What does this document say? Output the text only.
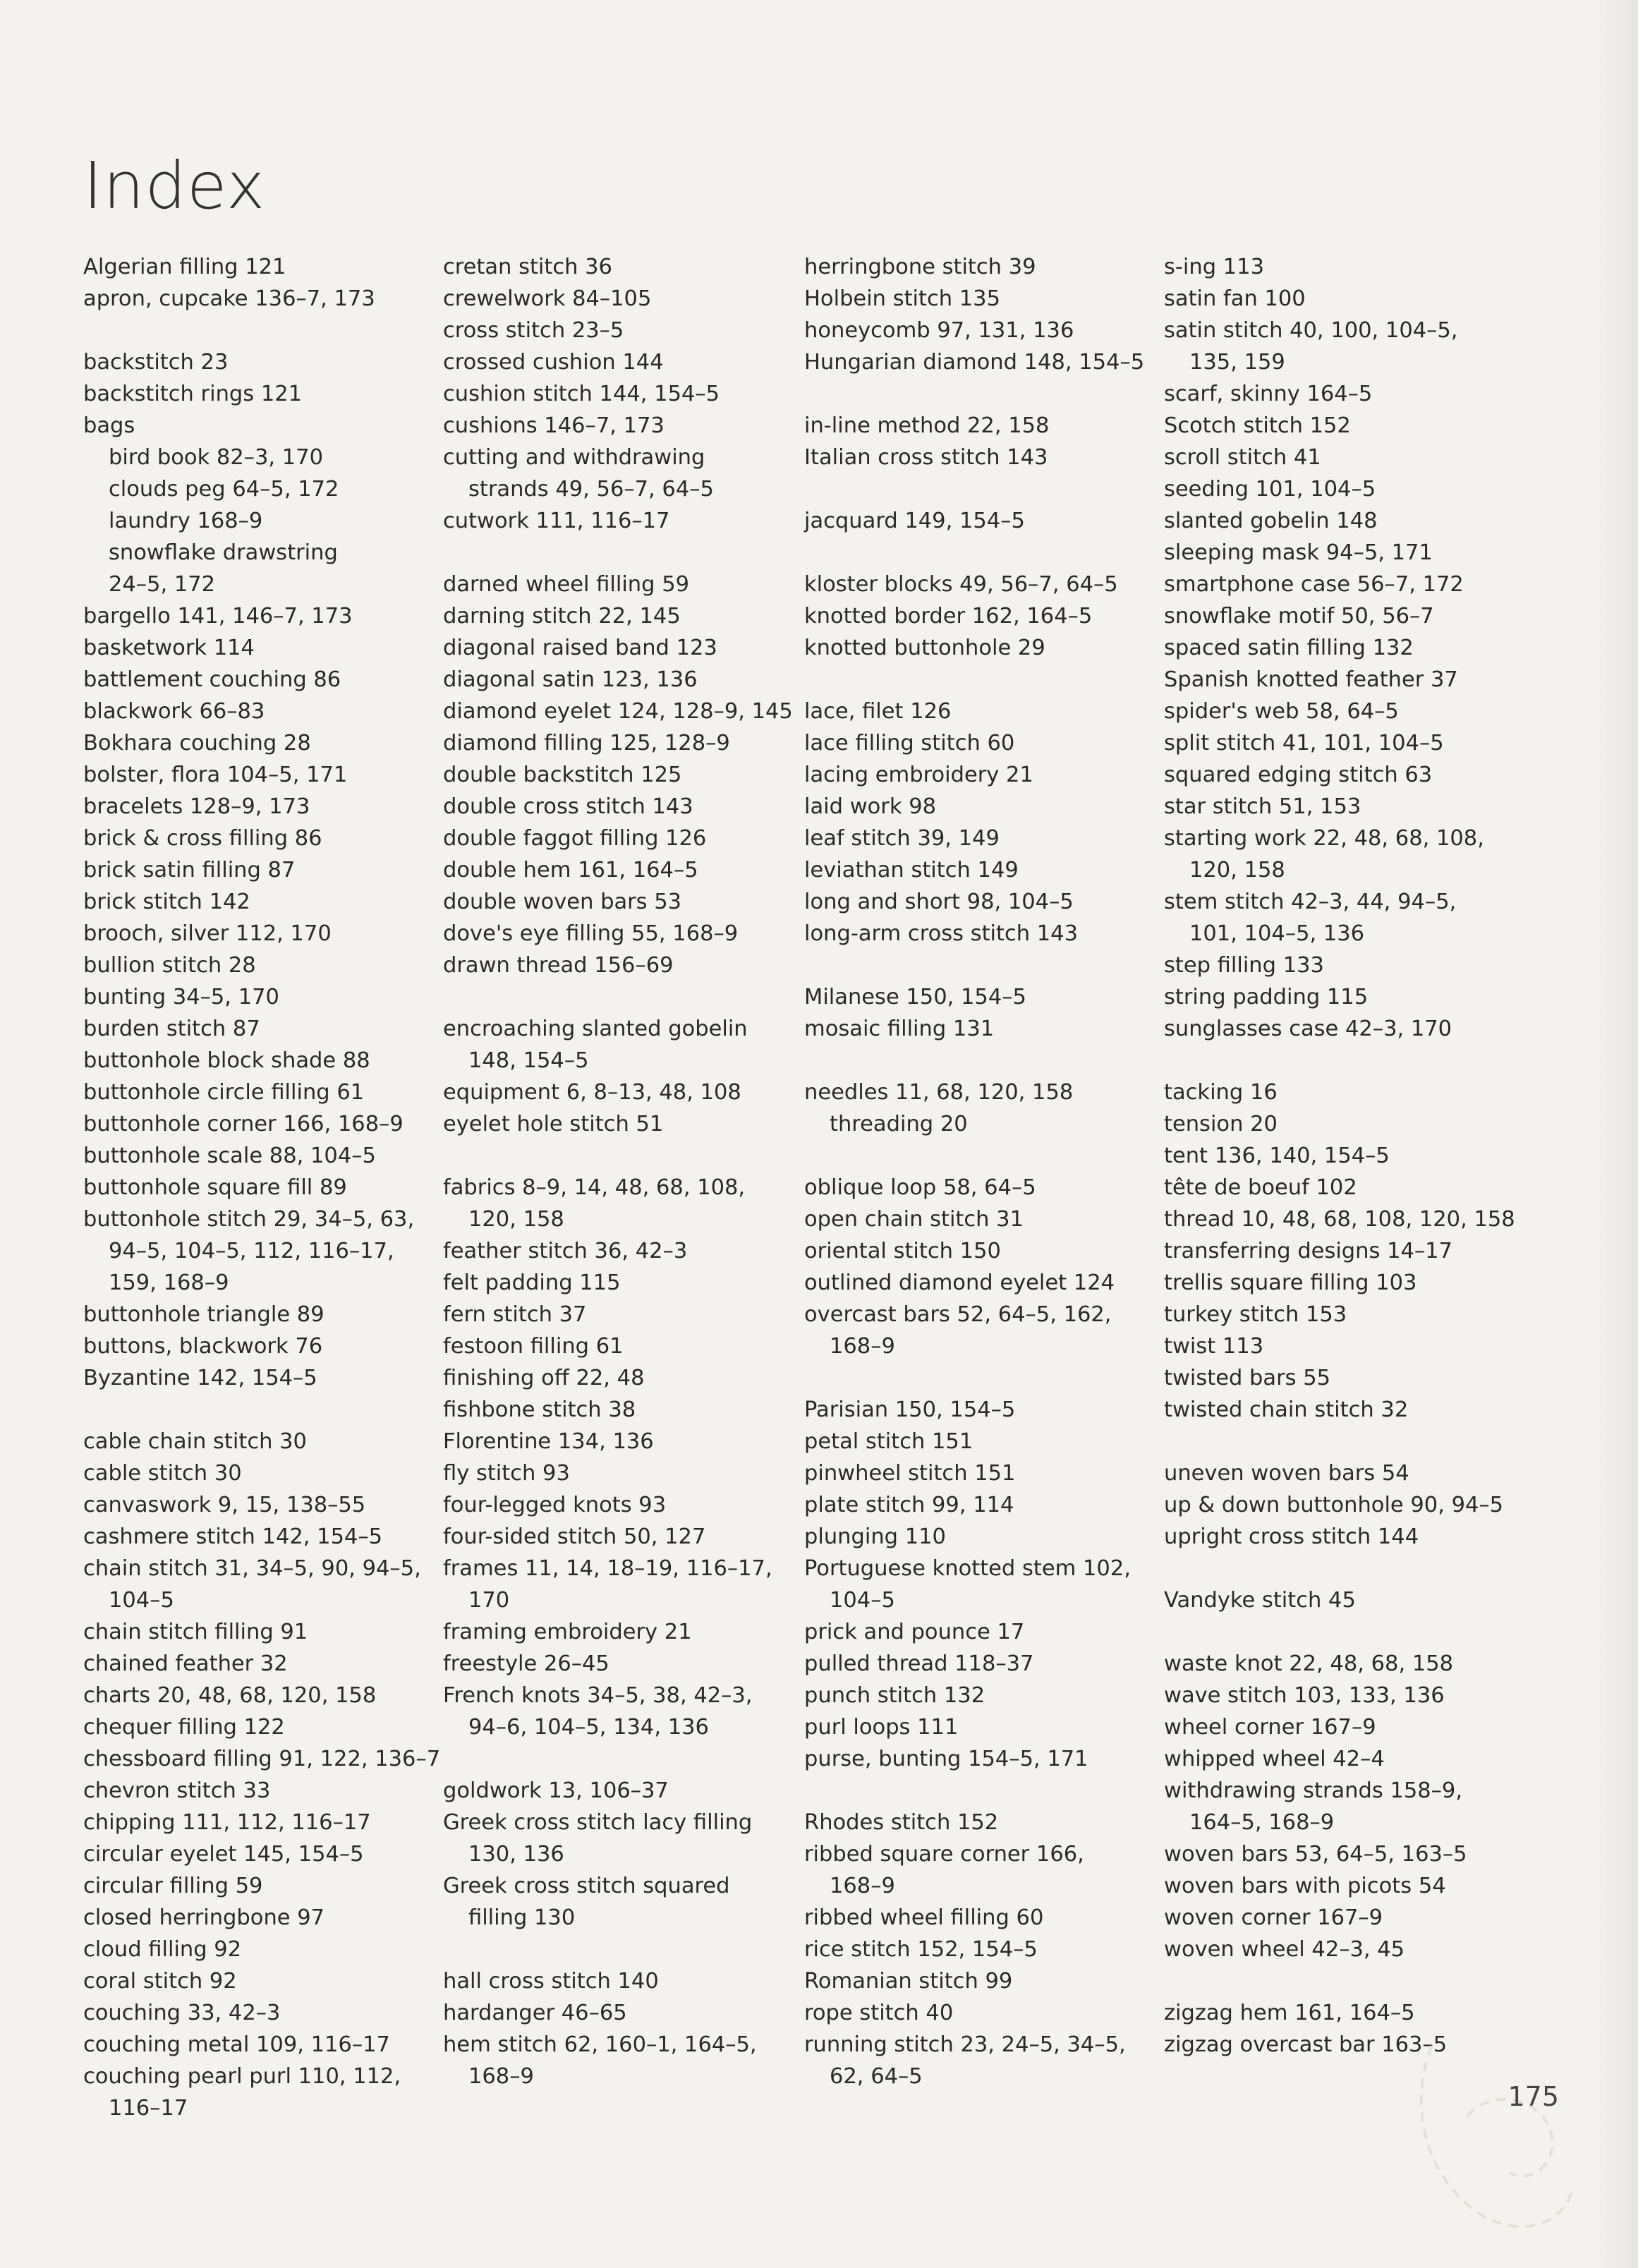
Index
Algerian filling 121
apron, cupcake 136–7, 173
backstitch 23
backstitch rings 121
bags
bird book 82–3, 170
clouds peg 64–5, 172
laundry 168–9
snowflake drawstring
24–5, 172
bargello 141, 146–7, 173
basketwork 114
battlement couching 86
blackwork 66–83
Bokhara couching 28
bolster, flora 104–5, 171
bracelets 128–9, 173
brick & cross filling 86
brick satin filling 87
brick stitch 142
brooch, silver 112, 170
bullion stitch 28
bunting 34–5, 170
burden stitch 87
buttonhole block shade 88
buttonhole circle filling 61
buttonhole corner 166, 168–9
buttonhole scale 88, 104–5
buttonhole square fill 89
buttonhole stitch 29, 34–5, 63,
94–5, 104–5, 112, 116–17,
159, 168–9
buttonhole triangle 89
buttons, blackwork 76
Byzantine 142, 154–5
cable chain stitch 30
cable stitch 30
canvaswork 9, 15, 138–55
cashmere stitch 142, 154–5
chain stitch 31, 34–5, 90, 94–5,
104–5
chain stitch filling 91
chained feather 32
charts 20, 48, 68, 120, 158
chequer filling 122
chessboard filling 91, 122, 136–7
chevron stitch 33
chipping 111, 112, 116–17
circular eyelet 145, 154–5
circular filling 59
closed herringbone 97
cloud filling 92
coral stitch 92
couching 33, 42–3
couching metal 109, 116–17
couching pearl purl 110, 112,
116–17
cretan stitch 36
crewelwork 84–105
cross stitch 23–5
crossed cushion 144
cushion stitch 144, 154–5
cushions 146–7, 173
cutting and withdrawing
strands 49, 56–7, 64–5
cutwork 111, 116–17
darned wheel filling 59
darning stitch 22, 145
diagonal raised band 123
diagonal satin 123, 136
diamond eyelet 124, 128–9, 145
diamond filling 125, 128–9
double backstitch 125
double cross stitch 143
double faggot filling 126
double hem 161, 164–5
double woven bars 53
dove's eye filling 55, 168–9
drawn thread 156–69
encroaching slanted gobelin
148, 154–5
equipment 6, 8–13, 48, 108
eyelet hole stitch 51
fabrics 8–9, 14, 48, 68, 108,
120, 158
feather stitch 36, 42–3
felt padding 115
fern stitch 37
festoon filling 61
finishing off 22, 48
fishbone stitch 38
Florentine 134, 136
fly stitch 93
four-legged knots 93
four-sided stitch 50, 127
frames 11, 14, 18–19, 116–17,
170
framing embroidery 21
freestyle 26–45
French knots 34–5, 38, 42–3,
94–6, 104–5, 134, 136
goldwork 13, 106–37
Greek cross stitch lacy filling
130, 136
Greek cross stitch squared
filling 130
hall cross stitch 140
hardanger 46–65
hem stitch 62, 160–1, 164–5,
168–9
herringbone stitch 39
Holbein stitch 135
honeycomb 97, 131, 136
Hungarian diamond 148, 154–5
in-line method 22, 158
Italian cross stitch 143
jacquard 149, 154–5
kloster blocks 49, 56–7, 64–5
knotted border 162, 164–5
knotted buttonhole 29
lace, filet 126
lace filling stitch 60
lacing embroidery 21
laid work 98
leaf stitch 39, 149
leviathan stitch 149
long and short 98, 104–5
long-arm cross stitch 143
Milanese 150, 154–5
mosaic filling 131
needles 11, 68, 120, 158
threading 20
oblique loop 58, 64–5
open chain stitch 31
oriental stitch 150
outlined diamond eyelet 124
overcast bars 52, 64–5, 162,
168–9
Parisian 150, 154–5
petal stitch 151
pinwheel stitch 151
plate stitch 99, 114
plunging 110
Portuguese knotted stem 102,
104–5
prick and pounce 17
pulled thread 118–37
punch stitch 132
purl loops 111
purse, bunting 154–5, 171
Rhodes stitch 152
ribbed square corner 166,
168–9
ribbed wheel filling 60
rice stitch 152, 154–5
Romanian stitch 99
rope stitch 40
running stitch 23, 24–5, 34–5,
62, 64–5
s-ing 113
satin fan 100
satin stitch 40, 100, 104–5,
135, 159
scarf, skinny 164–5
Scotch stitch 152
scroll stitch 41
seeding 101, 104–5
slanted gobelin 148
sleeping mask 94–5, 171
smartphone case 56–7, 172
snowflake motif 50, 56–7
spaced satin filling 132
Spanish knotted feather 37
spider's web 58, 64–5
split stitch 41, 101, 104–5
squared edging stitch 63
star stitch 51, 153
starting work 22, 48, 68, 108,
120, 158
stem stitch 42–3, 44, 94–5,
101, 104–5, 136
step filling 133
string padding 115
sunglasses case 42–3, 170
tacking 16
tension 20
tent 136, 140, 154–5
tête de boeuf 102
thread 10, 48, 68, 108, 120, 158
transferring designs 14–17
trellis square filling 103
turkey stitch 153
twist 113
twisted bars 55
twisted chain stitch 32
uneven woven bars 54
up & down buttonhole 90, 94–5
upright cross stitch 144
Vandyke stitch 45
waste knot 22, 48, 68, 158
wave stitch 103, 133, 136
wheel corner 167–9
whipped wheel 42–4
withdrawing strands 158–9,
164–5, 168–9
woven bars 53, 64–5, 163–5
woven bars with picots 54
woven corner 167–9
woven wheel 42–3, 45
zigzag hem 161, 164–5
zigzag overcast bar 163–5
175
